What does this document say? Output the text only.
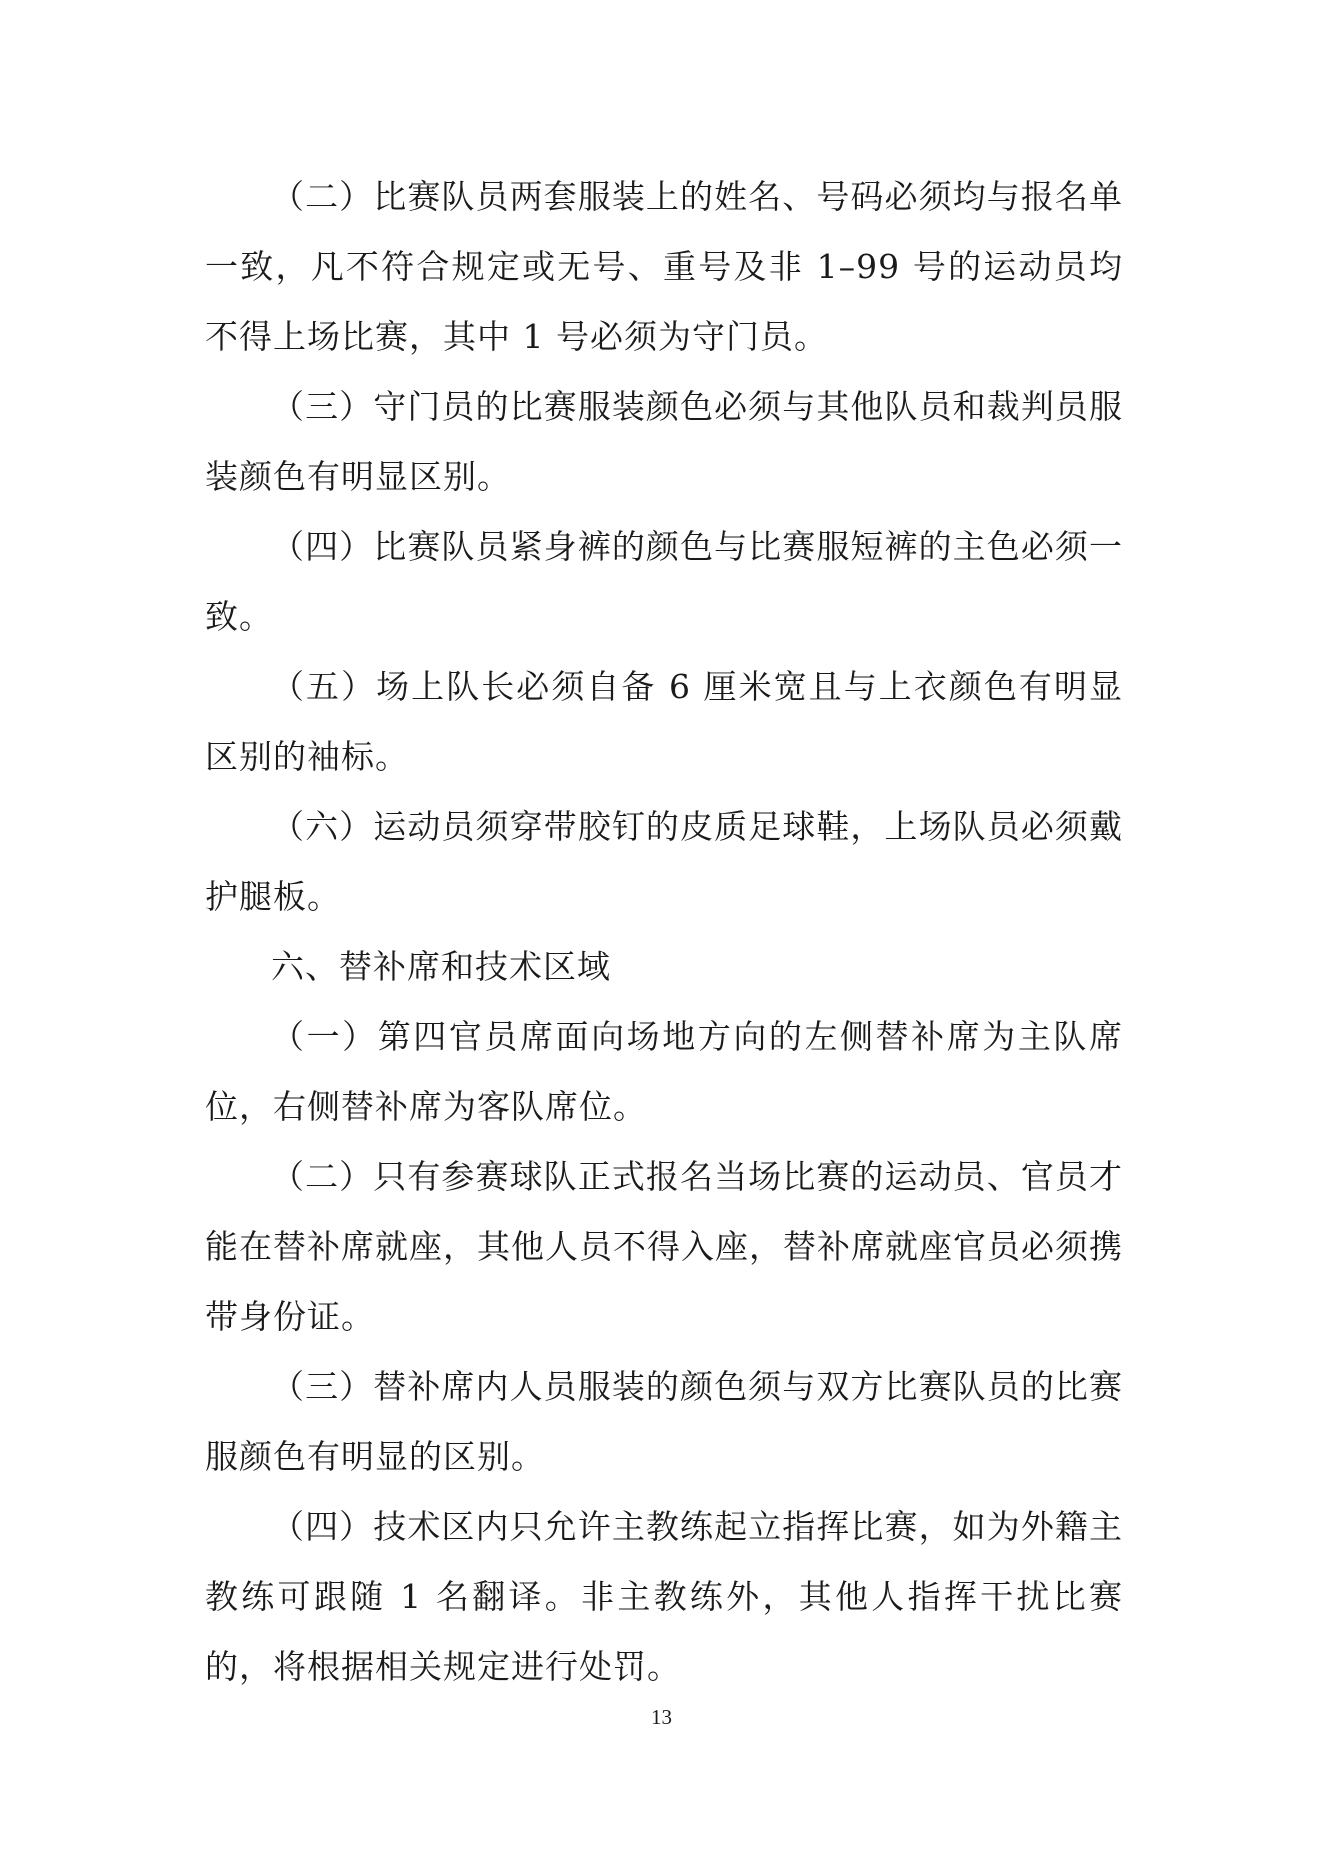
（二）比赛队员两套服装上的姓名、号码必须均与报名单一致，凡不符合规定或无号、重号及非 1–99 号的运动员均不得上场比赛，其中 1 号必须为守门员。

（三）守门员的比赛服装颜色必须与其他队员和裁判员服装颜色有明显区别。

（四）比赛队员紧身裤的颜色与比赛服短裤的主色必须一致。

（五）场上队长必须自备 6 厘米宽且与上衣颜色有明显区别的袖标。

（六）运动员须穿带胶钉的皮质足球鞋，上场队员必须戴护腿板。

六、替补席和技术区域

（一）第四官员席面向场地方向的左侧替补席为主队席位，右侧替补席为客队席位。

（二）只有参赛球队正式报名当场比赛的运动员、官员才能在替补席就座，其他人员不得入座，替补席就座官员必须携带身份证。

（三）替补席内人员服装的颜色须与双方比赛队员的比赛服颜色有明显的区别。

（四）技术区内只允许主教练起立指挥比赛，如为外籍主教练可跟随 1 名翻译。非主教练外，其他人指挥干扰比赛的，将根据相关规定进行处罚。

13
